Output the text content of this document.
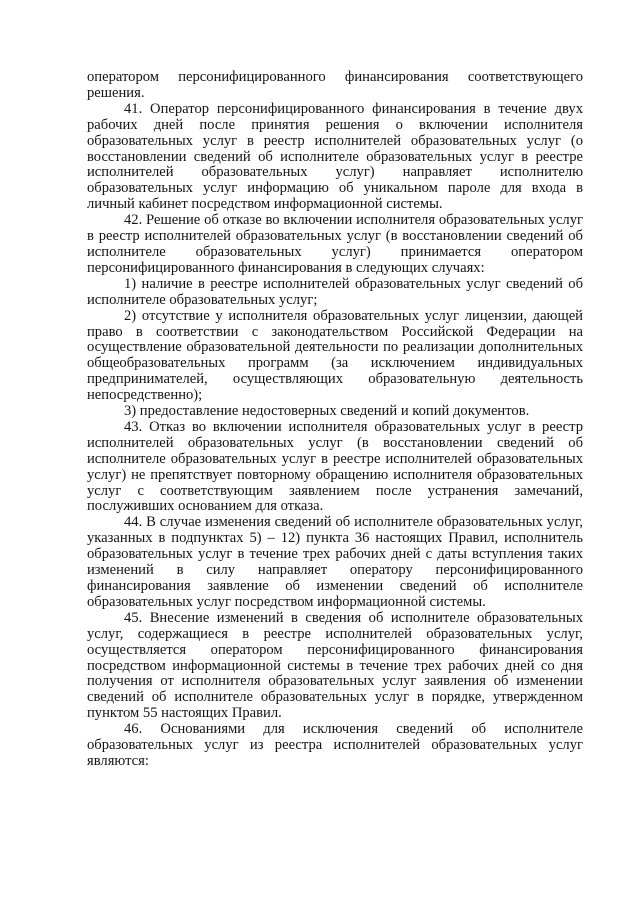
оператором персонифицированного финансирования соответствующего решения.

41. Оператор персонифицированного финансирования в течение двух рабочих дней после принятия решения о включении исполнителя образовательных услуг в реестр исполнителей образовательных услуг (о восстановлении сведений об исполнителе образовательных услуг в реестре исполнителей образовательных услуг) направляет исполнителю образовательных услуг информацию об уникальном пароле для входа в личный кабинет посредством информационной системы.

42. Решение об отказе во включении исполнителя образовательных услуг в реестр исполнителей образовательных услуг (в восстановлении сведений об исполнителе образовательных услуг) принимается оператором персонифицированного финансирования в следующих случаях:

1) наличие в реестре исполнителей образовательных услуг сведений об исполнителе образовательных услуг;

2) отсутствие у исполнителя образовательных услуг лицензии, дающей право в соответствии с законодательством Российской Федерации на осуществление образовательной деятельности по реализации дополнительных общеобразовательных программ (за исключением индивидуальных предпринимателей, осуществляющих образовательную деятельность непосредственно);

3) предоставление недостоверных сведений и копий документов.

43. Отказ во включении исполнителя образовательных услуг в реестр исполнителей образовательных услуг (в восстановлении сведений об исполнителе образовательных услуг в реестре исполнителей образовательных услуг) не препятствует повторному обращению исполнителя образовательных услуг с соответствующим заявлением после устранения замечаний, послуживших основанием для отказа.

44. В случае изменения сведений об исполнителе образовательных услуг, указанных в подпунктах 5) – 12) пункта 36 настоящих Правил, исполнитель образовательных услуг в течение трех рабочих дней с даты вступления таких изменений в силу направляет оператору персонифицированного финансирования заявление об изменении сведений об исполнителе образовательных услуг посредством информационной системы.

45. Внесение изменений в сведения об исполнителе образовательных услуг, содержащиеся в реестре исполнителей образовательных услуг, осуществляется оператором персонифицированного финансирования посредством информационной системы в течение трех рабочих дней со дня получения от исполнителя образовательных услуг заявления об изменении сведений об исполнителе образовательных услуг в порядке, утвержденном пунктом 55 настоящих Правил.

46. Основаниями для исключения сведений об исполнителе образовательных услуг из реестра исполнителей образовательных услуг являются:
